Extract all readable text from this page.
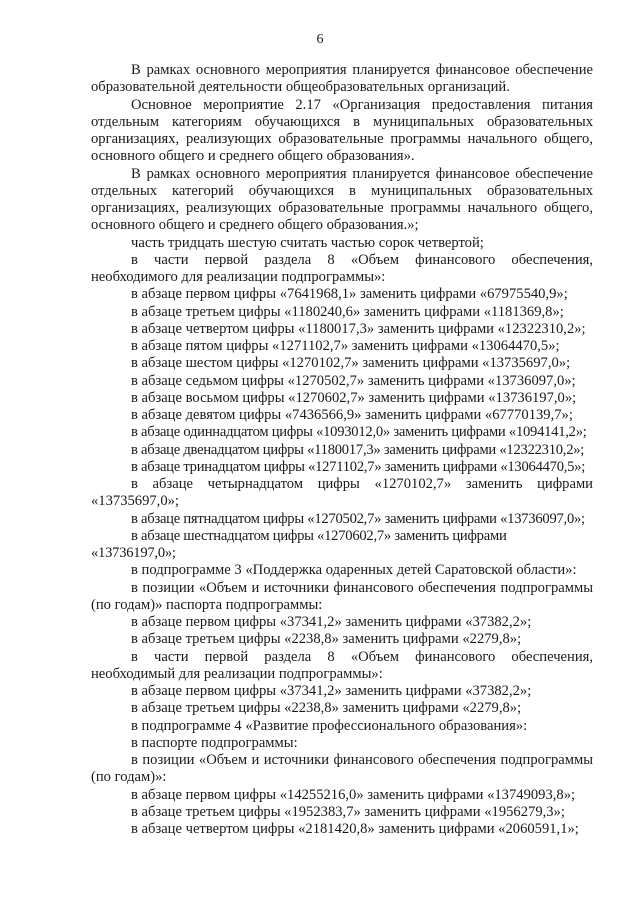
6

В рамках основного мероприятия планируется финансовое обеспечение образовательной деятельности общеобразовательных организаций.

Основное мероприятие 2.17 «Организация предоставления питания отдельным категориям обучающихся в муниципальных образовательных организациях, реализующих образовательные программы начального общего, основного общего и среднего общего образования».

В рамках основного мероприятия планируется финансовое обеспечение отдельных категорий обучающихся в муниципальных образовательных организациях, реализующих образовательные программы начального общего, основного общего и среднего общего образования.»;

часть тридцать шестую считать частью сорок четвертой;

в части первой раздела 8 «Объем финансового обеспечения, необходимого для реализации подпрограммы»:

в абзаце первом цифры «7641968,1» заменить цифрами «67975540,9»;

в абзаце третьем цифры «1180240,6» заменить цифрами «1181369,8»;

в абзаце четвертом цифры «1180017,3» заменить цифрами «12322310,2»;

в абзаце пятом цифры «1271102,7» заменить цифрами «13064470,5»;

в абзаце шестом цифры «1270102,7» заменить цифрами «13735697,0»;

в абзаце седьмом цифры «1270502,7» заменить цифрами «13736097,0»;

в абзаце восьмом цифры «1270602,7» заменить цифрами «13736197,0»;

в абзаце девятом цифры «7436566,9» заменить цифрами «67770139,7»;

в абзаце одиннадцатом цифры «1093012,0» заменить цифрами «1094141,2»;

в абзаце двенадцатом цифры «1180017,3» заменить цифрами «12322310,2»;

в абзаце тринадцатом цифры «1271102,7» заменить цифрами «13064470,5»;

в абзаце четырнадцатом цифры «1270102,7» заменить цифрами «13735697,0»;

в абзаце пятнадцатом цифры «1270502,7» заменить цифрами «13736097,0»;

в абзаце шестнадцатом цифры «1270602,7» заменить цифрами «13736197,0»;

в подпрограмме 3 «Поддержка одаренных детей Саратовской области»:

в позиции «Объем и источники финансового обеспечения подпрограммы (по годам)» паспорта подпрограммы:

в абзаце первом цифры «37341,2» заменить цифрами «37382,2»;

в абзаце третьем цифры «2238,8» заменить цифрами «2279,8»;

в части первой раздела 8 «Объем финансового обеспечения, необходимый для реализации подпрограммы»:

в абзаце первом цифры «37341,2» заменить цифрами «37382,2»;

в абзаце третьем цифры «2238,8» заменить цифрами «2279,8»;

в подпрограмме 4 «Развитие профессионального образования»:

в паспорте подпрограммы:

в позиции «Объем и источники финансового обеспечения подпрограммы (по годам)»:

в абзаце первом цифры «14255216,0» заменить цифрами «13749093,8»;

в абзаце третьем цифры «1952383,7» заменить цифрами «1956279,3»;

в абзаце четвертом цифры «2181420,8» заменить цифрами «2060591,1»;
